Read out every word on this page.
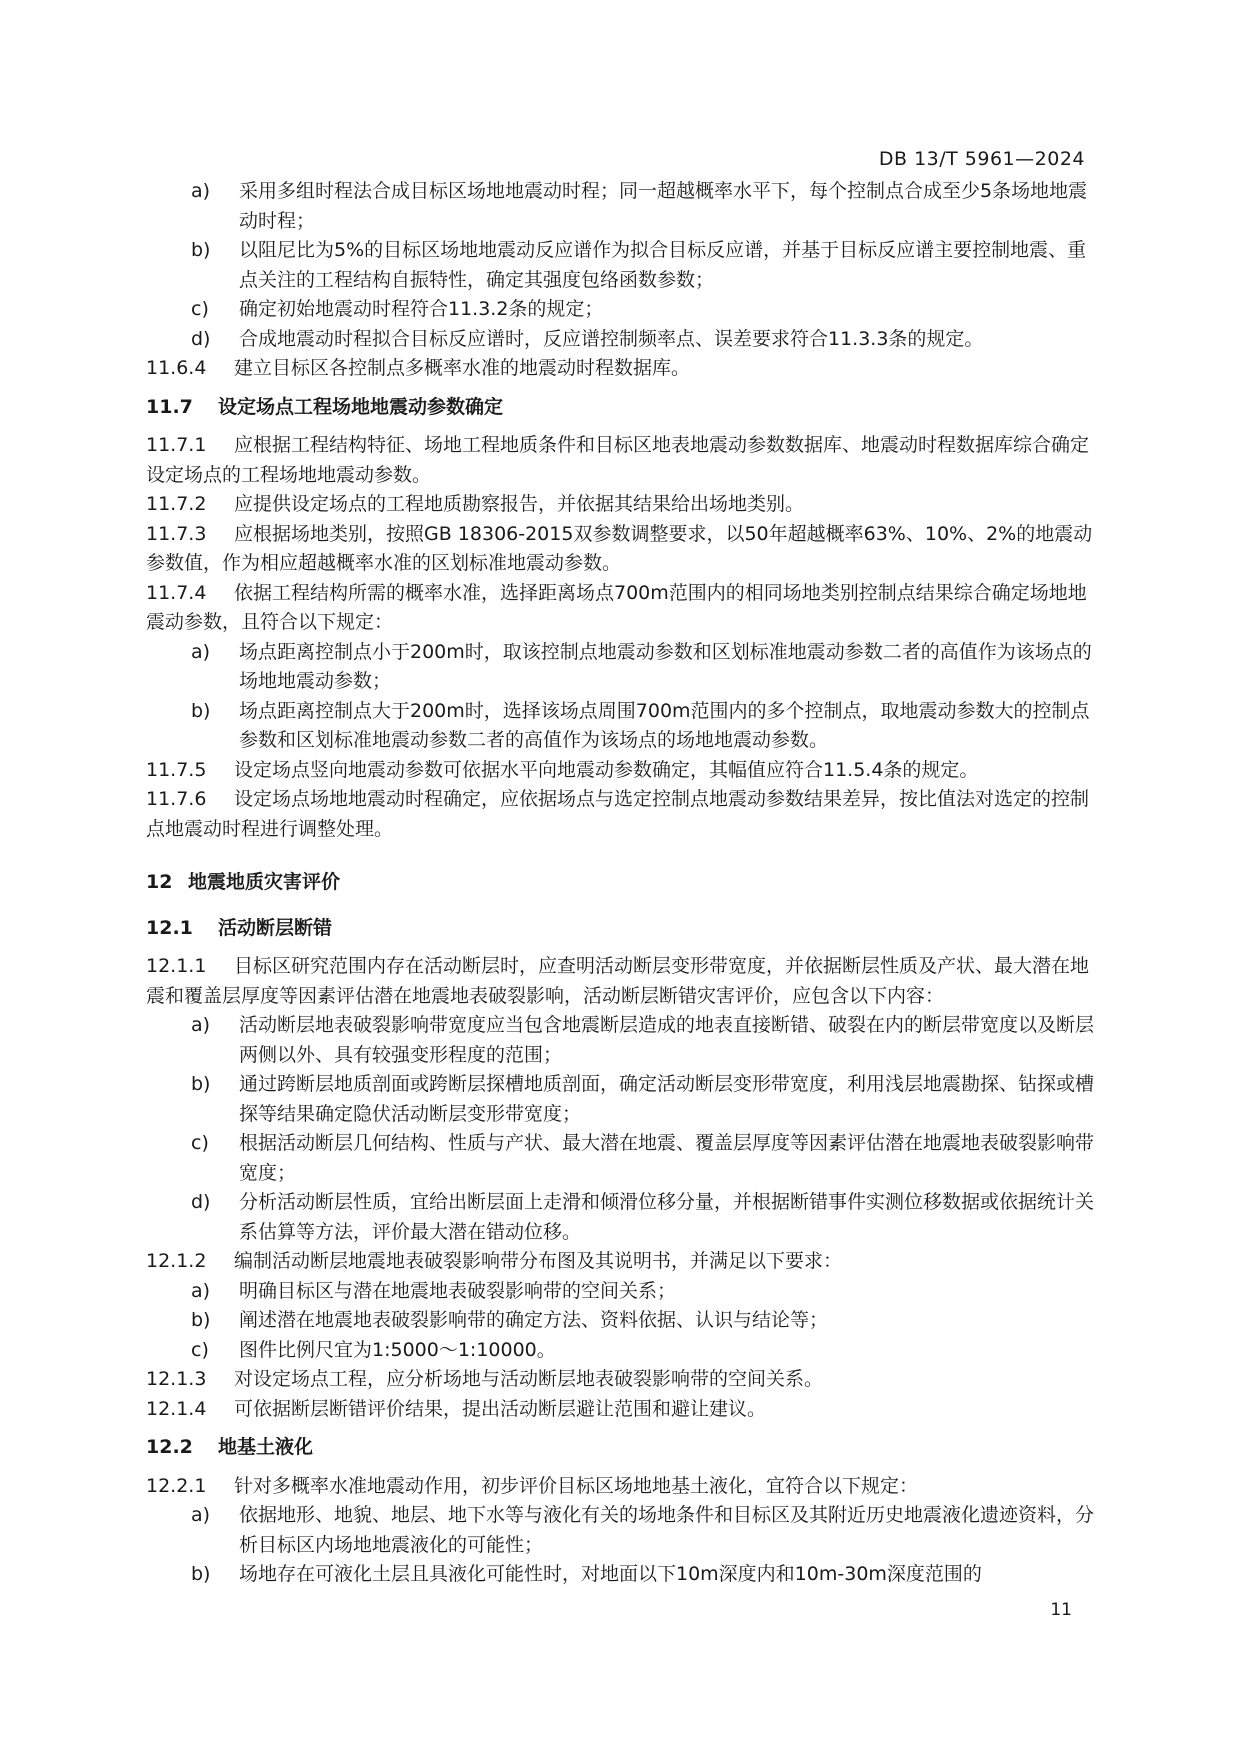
DB 13/T 5961—2024
a) 采用多组时程法合成目标区场地地震动时程；同一超越概率水平下，每个控制点合成至少5条场地地震动时程；
b) 以阻尼比为5%的目标区场地地震动反应谱作为拟合目标反应谱，并基于目标反应谱主要控制地震、重点关注的工程结构自振特性，确定其强度包络函数参数；
c) 确定初始地震动时程符合11.3.2条的规定；
d) 合成地震动时程拟合目标反应谱时，反应谱控制频率点、误差要求符合11.3.3条的规定。
11.6.4 建立目标区各控制点多概率水准的地震动时程数据库。
11.7 设定场点工程场地地震动参数确定
11.7.1 应根据工程结构特征、场地工程地质条件和目标区地表地震动参数数据库、地震动时程数据库综合确定设定场点的工程场地地震动参数。
11.7.2 应提供设定场点的工程地质勘察报告，并依据其结果给出场地类别。
11.7.3 应根据场地类别，按照GB 18306-2015双参数调整要求，以50年超越概率63%、10%、2%的地震动参数值，作为相应超越概率水准的区划标准地震动参数。
11.7.4 依据工程结构所需的概率水准，选择距离场点700m范围内的相同场地类别控制点结果综合确定场地地震动参数，且符合以下规定：
a) 场点距离控制点小于200m时，取该控制点地震动参数和区划标准地震动参数二者的高值作为该场点的场地地震动参数；
b) 场点距离控制点大于200m时，选择该场点周围700m范围内的多个控制点，取地震动参数大的控制点参数和区划标准地震动参数二者的高值作为该场点的场地地震动参数。
11.7.5 设定场点竖向地震动参数可依据水平向地震动参数确定，其幅值应符合11.5.4条的规定。
11.7.6 设定场点场地地震动时程确定，应依据场点与选定控制点地震动参数结果差异，按比值法对选定的控制点地震动时程进行调整处理。
12 地震地质灾害评价
12.1 活动断层断错
12.1.1 目标区研究范围内存在活动断层时，应查明活动断层变形带宽度，并依据断层性质及产状、最大潜在地震和覆盖层厚度等因素评估潜在地震地表破裂影响，活动断层断错灾害评价，应包含以下内容：
a) 活动断层地表破裂影响带宽度应当包含地震断层造成的地表直接断错、破裂在内的断层带宽度以及断层两侧以外、具有较强变形程度的范围；
b) 通过跨断层地质剖面或跨断层探槽地质剖面，确定活动断层变形带宽度，利用浅层地震勘探、钻探或槽探等结果确定隐伏活动断层变形带宽度；
c) 根据活动断层几何结构、性质与产状、最大潜在地震、覆盖层厚度等因素评估潜在地震地表破裂影响带宽度；
d) 分析活动断层性质，宜给出断层面上走滑和倾滑位移分量，并根据断错事件实测位移数据或依据统计关系估算等方法，评价最大潜在错动位移。
12.1.2 编制活动断层地震地表破裂影响带分布图及其说明书，并满足以下要求：
a) 明确目标区与潜在地震地表破裂影响带的空间关系；
b) 阐述潜在地震地表破裂影响带的确定方法、资料依据、认识与结论等；
c) 图件比例尺宜为1:5000～1:10000。
12.1.3 对设定场点工程，应分析场地与活动断层地表破裂影响带的空间关系。
12.1.4 可依据断层断错评价结果，提出活动断层避让范围和避让建议。
12.2 地基土液化
12.2.1 针对多概率水准地震动作用，初步评价目标区场地地基土液化，宜符合以下规定：
a) 依据地形、地貌、地层、地下水等与液化有关的场地条件和目标区及其附近历史地震液化遗迹资料，分析目标区内场地地震液化的可能性；
b) 场地存在可液化土层且具液化可能性时，对地面以下10m深度内和10m-30m深度范围的
11
